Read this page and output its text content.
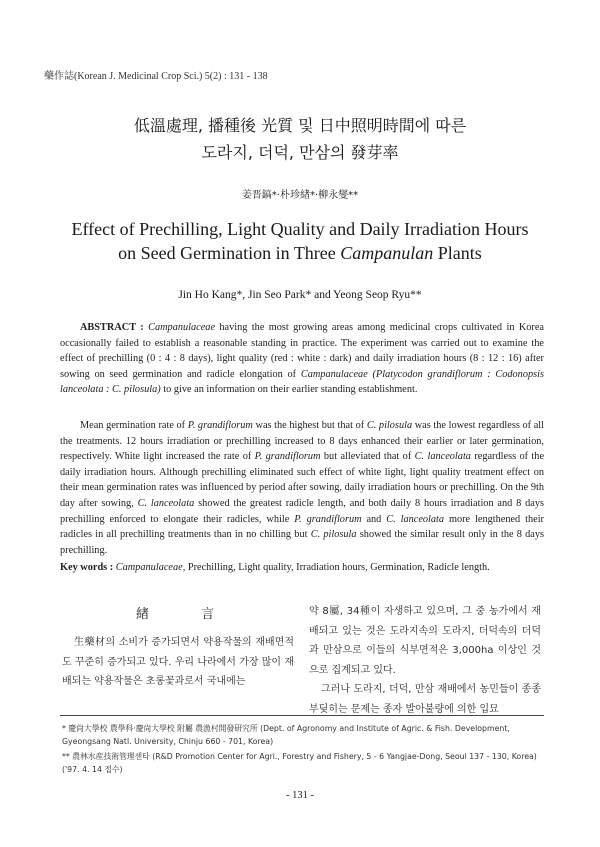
藥作誌(Korean J. Medicinal Crop Sci.) 5(2) : 131 - 138
低溫處理, 播種後 光質 및 日中照明時間에 따른
도라지, 더덕, 만삼의 發芽率
姜晋鎬*·朴珍緖*·柳永燮**
Effect of Prechilling, Light Quality and Daily Irradiation Hours
on Seed Germination in Three Campanulan Plants
Jin Ho Kang*, Jin Seo Park* and Yeong Seop Ryu**

ABSTRACT : Campanulaceae having the most growing areas among medicinal crops cultivated in Korea occasionally failed to establish a reasonable standing in practice. The experiment was carried out to examine the effect of prechilling (0 : 4 : 8 days), light quality (red : white : dark) and daily irradiation hours (8 : 12 : 16) after sowing on seed germination and radicle elongation of Campanulaceae (Platycodon grandiflorum : Codonopsis lanceolata : C. pilosula) to give an information on their earlier standing establishment.

Mean germination rate of P. grandiflorum was the highest but that of C. pilosula was the lowest regardless of all the treatments. 12 hours irradiation or prechilling increased to 8 days enhanced their earlier or later germination, respectively. White light increased the rate of P. grandiflorum but alleviated that of C. lanceolata regardless of the daily irradiation hours. Although prechilling eliminated such effect of white light, light quality treatment effect on their mean germination rates was influenced by period after sowing, daily irradiation hours or prechilling. On the 9th day after sowing, C. lanceolata showed the greatest radicle length, and both daily 8 hours irradiation and 8 days prechilling enforced to elongate their radicles, while P. grandiflorum and C. lanceolata more lengthened their radicles in all prechilling treatments than in no chilling but C. pilosula showed the similar result only in the 8 days prechilling.

Key words : Campanulaceae, Prechilling, Light quality, Irradiation hours, Germination, Radicle length.
緖 言
生藥材의 소비가 증가되면서 약용작물의 재배면적도 꾸준히 증가되고 있다. 우리 나라에서 가장 많이 재배되는 약용작물은 초롱꽃과로서 국내에는

약 8屬, 34種이 자생하고 있으며, 그 중 농가에서 재배되고 있는 것은 도라지속의 도라지, 더덕속의 더덕과 만삼으로 이들의 식부면적은 3,000ha 이상인 것으로 집계되고 있다.

그러나 도라지, 더덕, 만삼 재배에서 농민들이 종종 부딪히는 문제는 종자 발아불량에 의한 입묘

* 慶尙大學校 農學科·慶尙大學校 附屬 農漁村開發研究所 (Dept. of Agronomy and Institute of Agric. & Fish. Development, Gyeongsang Natl. University, Chinju 660 - 701, Korea)
** 農林水産技術管理센타 (R&D Promotion Center for Agri., Forestry and Fishery, 5 - 6 Yangjae-Dong, Seoul 137 - 130, Korea) ('97. 4. 14 접수)
- 131 -
